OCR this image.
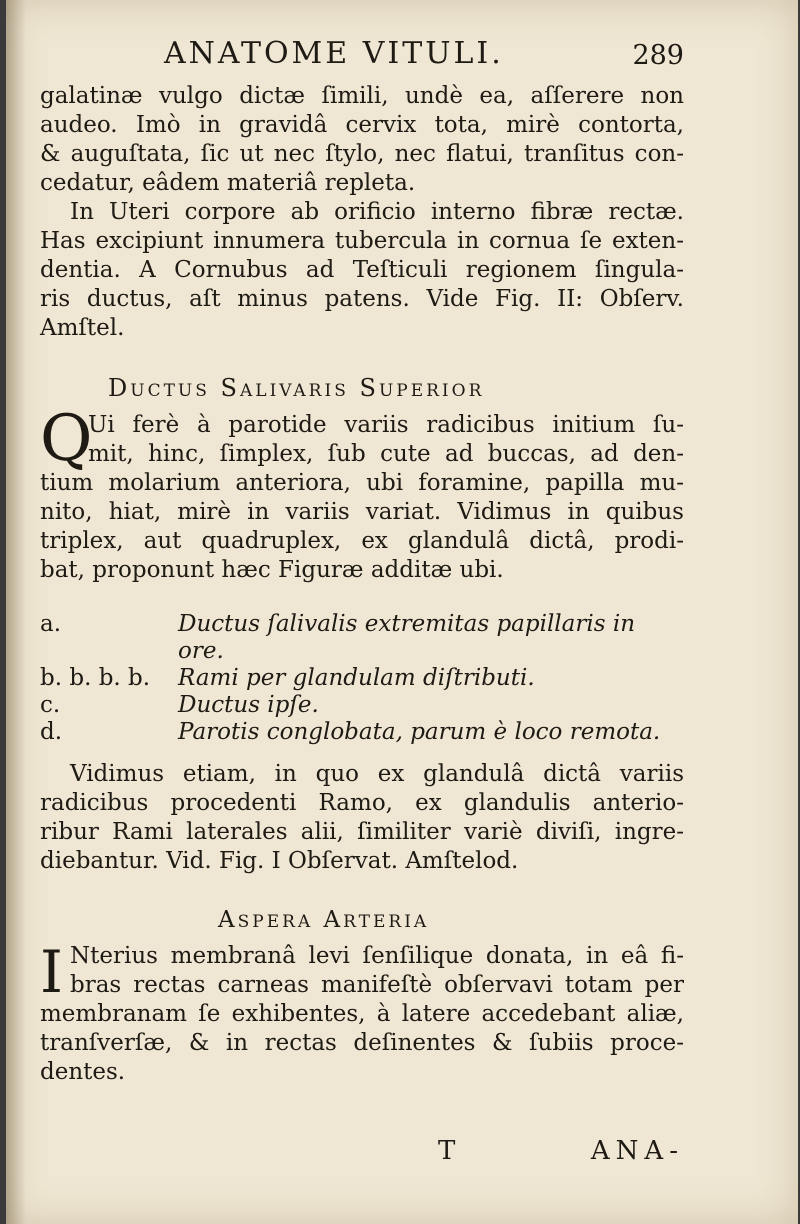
ANATOME VITULI.	289
galatinæ vulgo dictæ ſimili, undè ea, aſſerere non
audeo. Imò in gravidâ cervix tota, mirè contorta,
& auguſtata, ſic ut nec ſtylo, nec flatui, tranſitus con-
cedatur, eâdem materiâ repleta.
In Uteri corpore ab orificio interno fibræ rectæ.
Has excipiunt innumera tubercula in cornua ſe exten-
dentia. A Cornubus ad Teſticuli regionem ſingula-
ris ductus, aſt minus patens. Vide Fig. II: Obſerv.
Amſtel.
DUCTUS SALIVARIS SUPERIOR
Q
Ui ferè à parotide variis radicibus initium ſu-
mit, hinc, ſimplex, ſub cute ad buccas, ad den-
tium molarium anteriora, ubi foramine, papilla mu-
nito, hiat, mirè in variis variat. Vidimus in quibus
triplex, aut quadruplex, ex glandulâ dictâ, prodi-
bat, proponunt hæc Figuræ additæ ubi.
a.	Ductus ſalivalis extremitas papillaris in ore.
b. b. b. b.	Rami per glandulam diſtributi.
c.	Ductus ipſe.
d.	Parotis conglobata, parum è loco remota.
Vidimus etiam, in quo ex glandulâ dictâ variis
radicibus procedenti Ramo, ex glandulis anterio-
ribur Rami laterales alii, ſimiliter variè diviſi, ingre-
diebantur. Vid. Fig. I Obſervat. Amſtelod.
ASPERA ARTERIA
I Nterius membranâ levi ſenſilique donata, in eâ fi-
bras rectas carneas manifeſtè obſervavi totam per
membranam ſe exhibentes, à latere accedebant aliæ,
tranſverſæ, & in rectas deſinentes & ſubiis proce-
dentes.
T	ANA-
